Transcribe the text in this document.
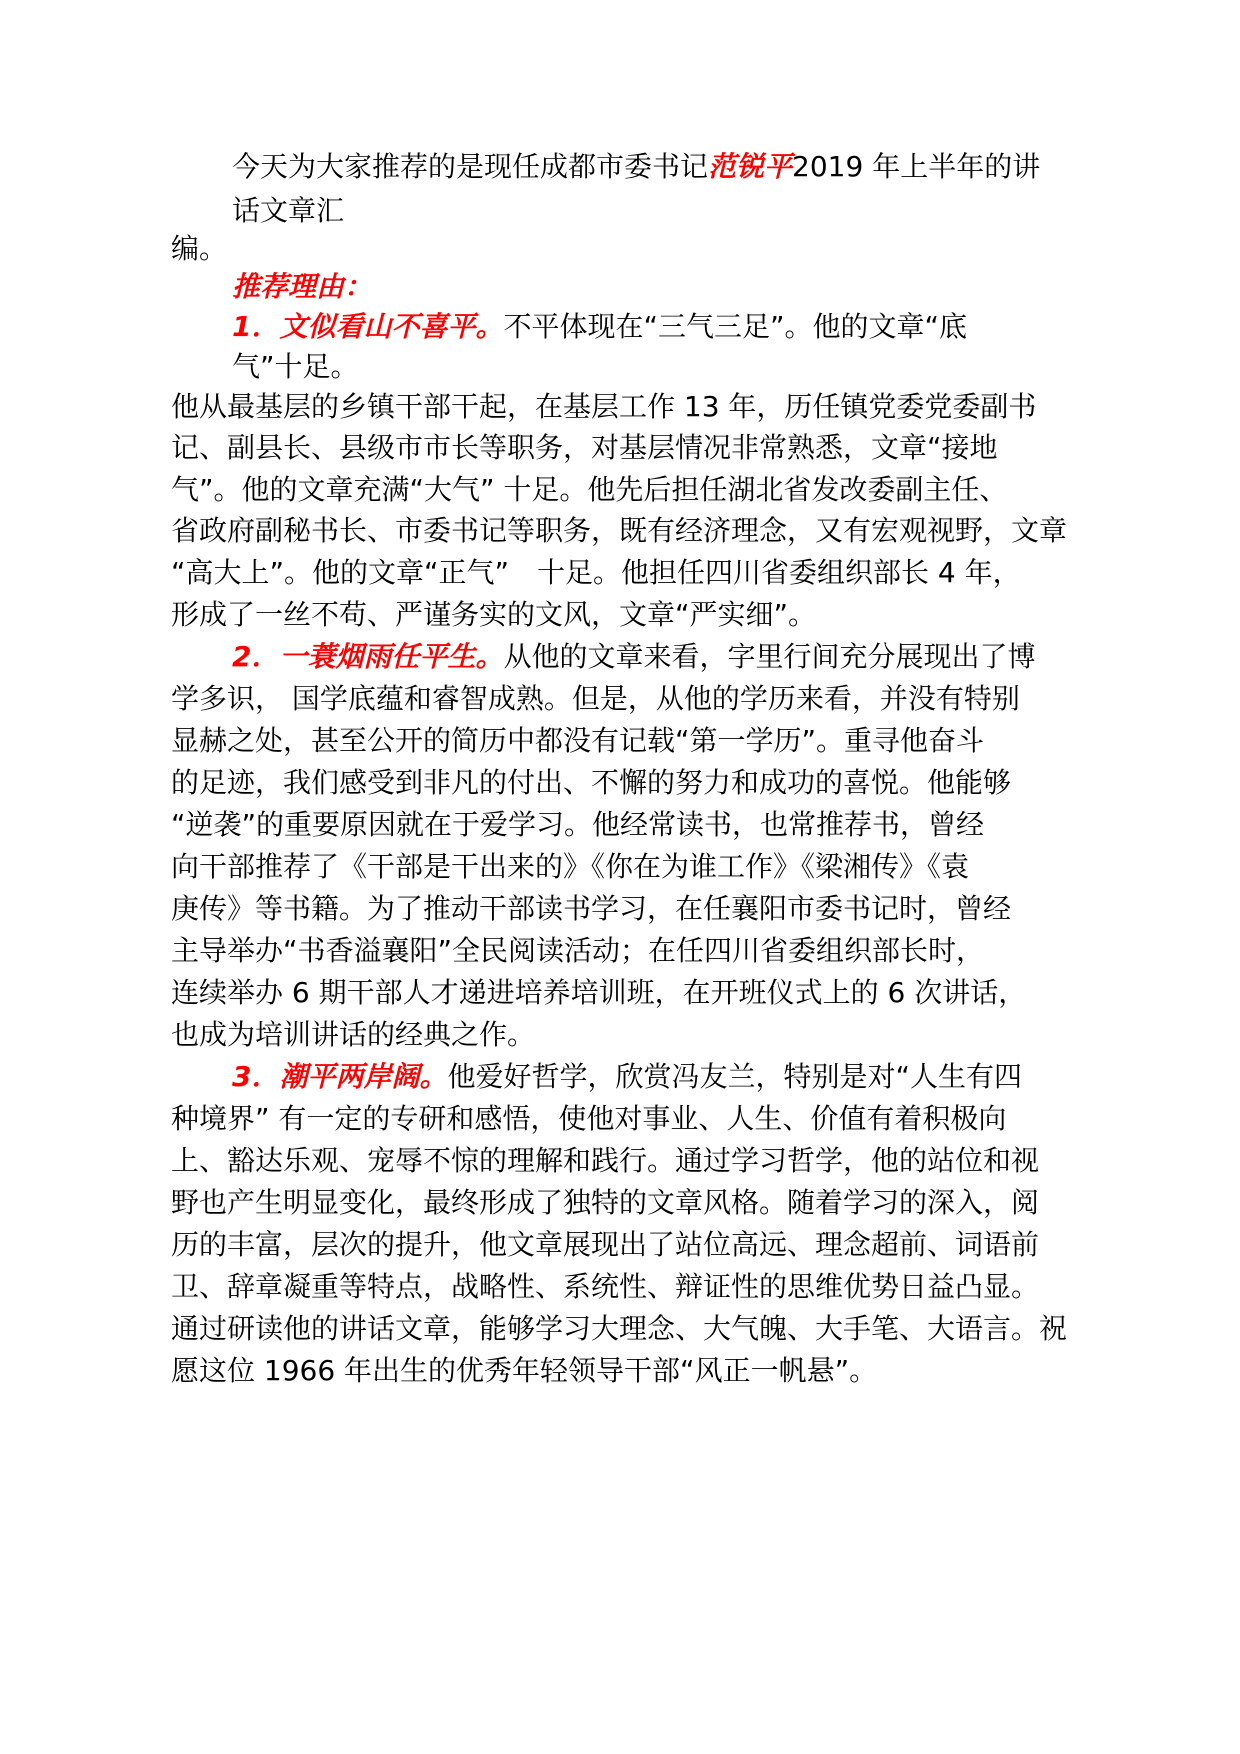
今天为大家推荐的是现任成都市委书记范锐平2019 年上半年的讲
话文章汇
编。
推荐理由：
1．文似看山不喜平。不平体现在“三气三足”。他的文章“底
气”十足。
他从最基层的乡镇干部干起，在基层工作 13 年，历任镇党委党委副书
记、副县长、县级市市长等职务，对基层情况非常熟悉，文章“接地
气”。他的文章充满“大气” 十足。他先后担任湖北省发改委副主任、
省政府副秘书长、市委书记等职务，既有经济理念，又有宏观视野，文章
“高大上”。他的文章“正气”　十足。他担任四川省委组织部长 4 年，
形成了一丝不苟、严谨务实的文风，文章“严实细”。
2．一蓑烟雨任平生。从他的文章来看，字里行间充分展现出了博
学多识， 国学底蕴和睿智成熟。但是，从他的学历来看，并没有特别
显赫之处，甚至公开的简历中都没有记载“第一学历”。重寻他奋斗
的足迹，我们感受到非凡的付出、不懈的努力和成功的喜悦。他能够
“逆袭”的重要原因就在于爱学习。他经常读书，也常推荐书，曾经
向干部推荐了《干部是干出来的》《你在为谁工作》《梁湘传》《袁
庚传》等书籍。为了推动干部读书学习，在任襄阳市委书记时，曾经
主导举办“书香溢襄阳”全民阅读活动；在任四川省委组织部长时，
连续举办 6 期干部人才递进培养培训班，在开班仪式上的 6 次讲话，
也成为培训讲话的经典之作。
3．潮平两岸阔。他爱好哲学，欣赏冯友兰，特别是对“人生有四
种境界” 有一定的专研和感悟，使他对事业、人生、价值有着积极向
上、豁达乐观、宠辱不惊的理解和践行。通过学习哲学，他的站位和视
野也产生明显变化，最终形成了独特的文章风格。随着学习的深入，阅
历的丰富，层次的提升，他文章展现出了站位高远、理念超前、词语前
卫、辞章凝重等特点，战略性、系统性、辩证性的思维优势日益凸显。
通过研读他的讲话文章，能够学习大理念、大气魄、大手笔、大语言。祝
愿这位 1966 年出生的优秀年轻领导干部“风正一帆悬”。
